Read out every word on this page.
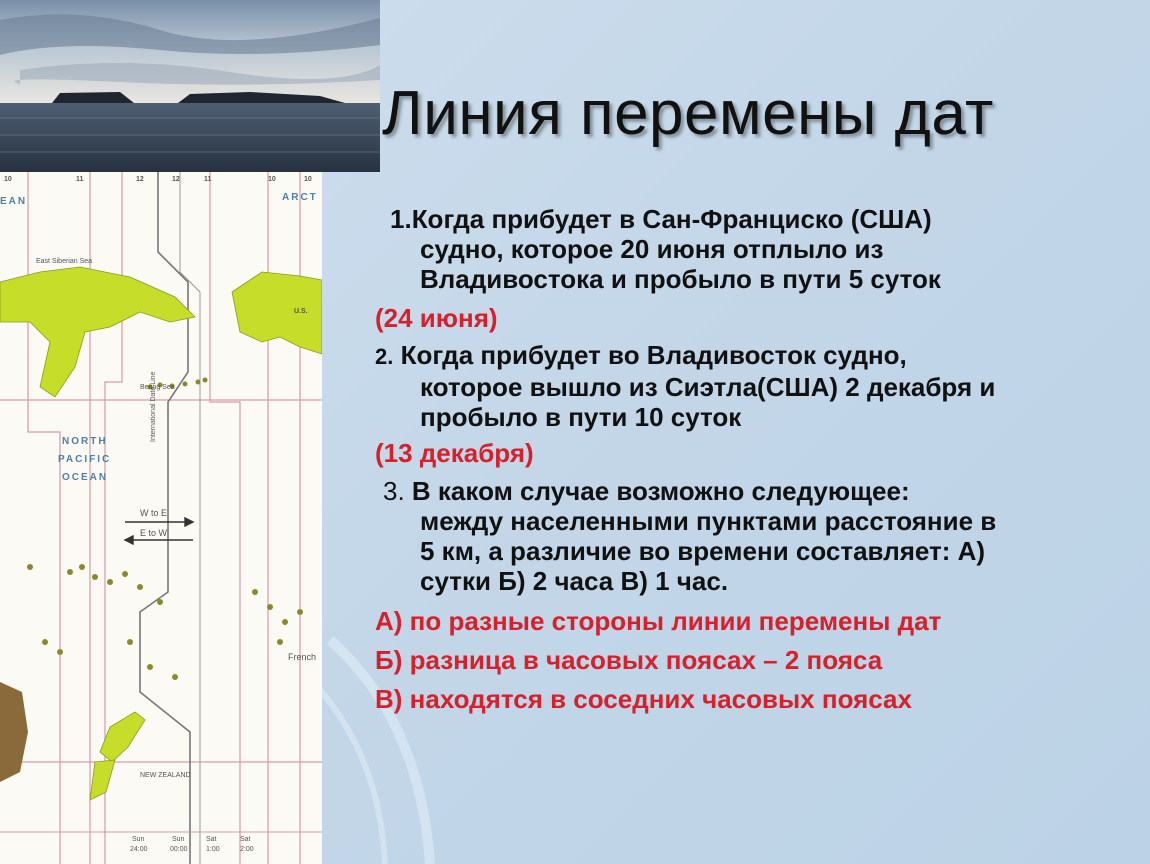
EAN	ARCT
NORTH
PACIFIC
OCEAN
East Siberian Sea
Bering Sea
U.S.
W to E
E to W
NEW ZEALAND
French
International Date Line
10	11	12	12	11	10	10
Sun
24:00
Sun
00:00
Sat
1:00
Sat
2:00
Линия перемены дат
1.Когда прибудет в Сан-Франциско (США)
судно, которое 20 июня отплыло из
Владивостока и пробыло в пути 5 суток
(24 июня)
2. Когда прибудет во Владивосток судно,
которое вышло из Сиэтла(США) 2 декабря и
пробыло в пути 10 суток
(13 декабря)
3. В каком случае возможно следующее:
между населенными пунктами расстояние в
5 км, а различие во времени составляет: А)
сутки Б) 2 часа В) 1 час.
А) по разные стороны линии перемены дат
Б) разница в часовых поясах – 2 пояса
В) находятся в соседних часовых поясах
